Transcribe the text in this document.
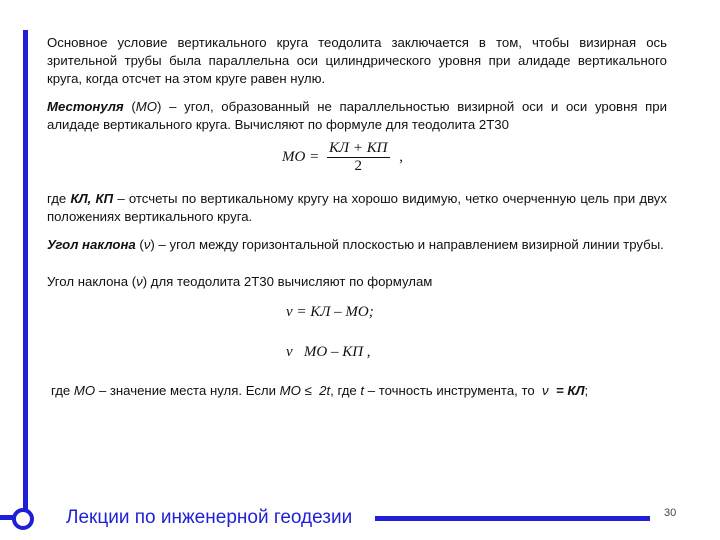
Основное условие вертикального круга теодолита заключается в том, чтобы визирная ось зрительной трубы была параллельна оси цилиндрического уровня при алидаде вертикального круга, когда отсчет на этом круге равен нулю.
Местонуля (МО) – угол, образованный не параллельностью визирной оси и оси уровня при алидаде вертикального круга. Вычисляют по формуле для теодолита 2Т30
МО = $\frac{КЛ + КП}{2}$ ,
где КЛ, КП – отсчеты по вертикальному кругу на хорошо видимую, четко очерченную цель при двух положениях вертикального круга.
Угол наклона (ν) – угол между горизонтальной плоскостью и направлением визирной линии трубы.
Угол наклона (ν) для теодолита 2Т30 вычисляют по формулам
ν = КЛ – МО;
ν   МО – КП ,
где МО – значение места нуля. Если МО ≤  2t, где t – точность инструмента, то  ν  = КЛ;
Лекции по инженерной геодезии	30
